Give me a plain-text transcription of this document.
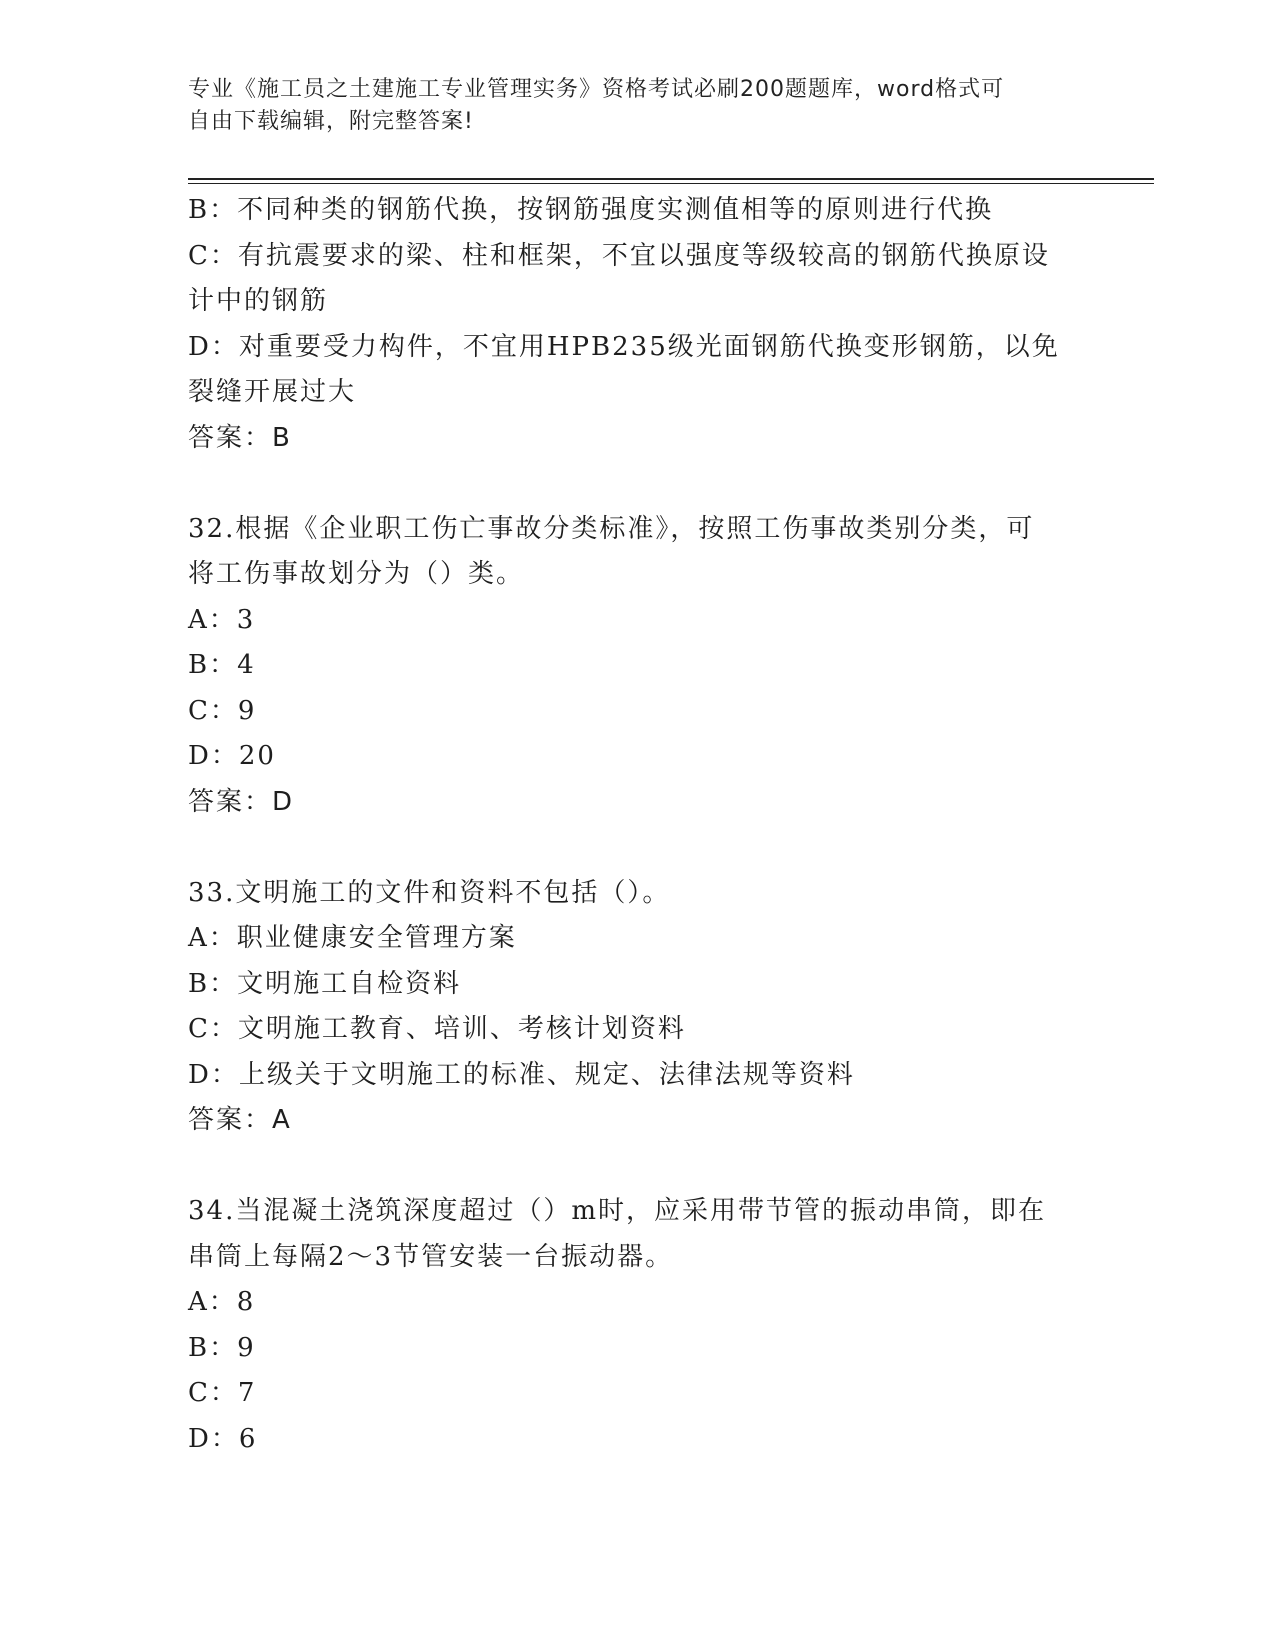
专业《施工员之土建施工专业管理实务》资格考试必刷200题题库，word格式可
自由下载编辑，附完整答案!
B：不同种类的钢筋代换，按钢筋强度实测值相等的原则进行代换
C：有抗震要求的梁、柱和框架，不宜以强度等级较高的钢筋代换原设
计中的钢筋
D：对重要受力构件，不宜用HPB235级光面钢筋代换变形钢筋，以免
裂缝开展过大
答案：B
32.根据《企业职工伤亡事故分类标准》，按照工伤事故类别分类，可
将工伤事故划分为（）类。
A：3
B：4
C：9
D：20
答案：D
33.文明施工的文件和资料不包括（）。
A：职业健康安全管理方案
B：文明施工自检资料
C：文明施工教育、培训、考核计划资料
D：上级关于文明施工的标准、规定、法律法规等资料
答案：A
34.当混凝土浇筑深度超过（）m时，应采用带节管的振动串筒，即在
串筒上每隔2～3节管安装一台振动器。
A：8
B：9
C：7
D：6
